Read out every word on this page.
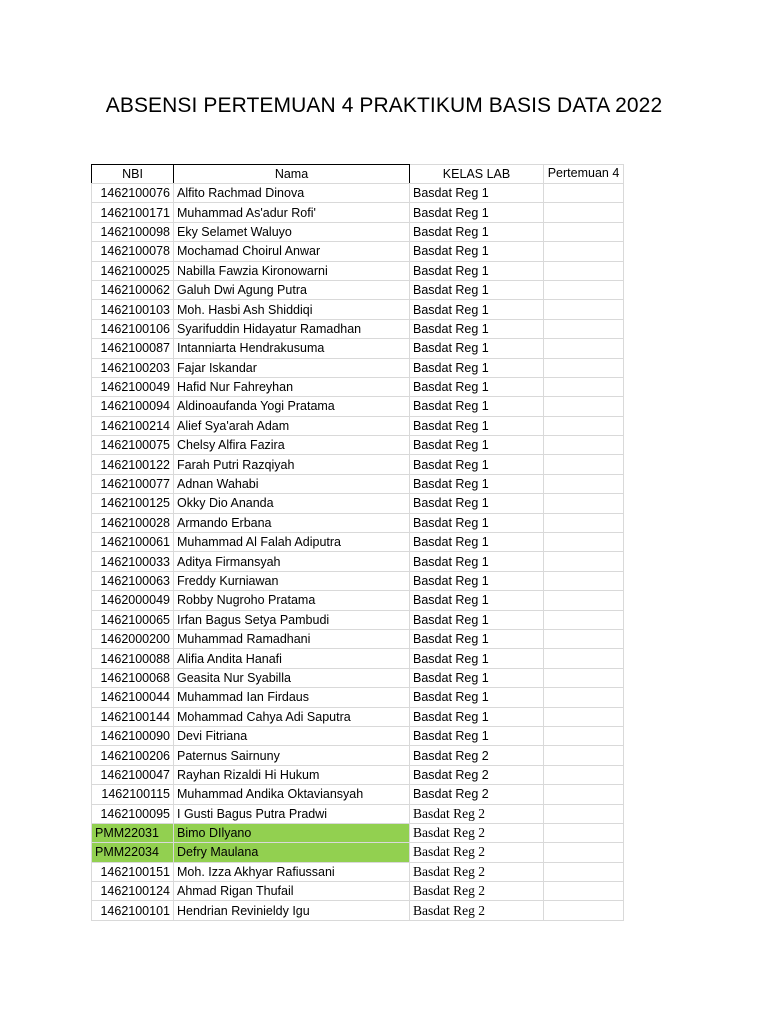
ABSENSI PERTEMUAN 4 PRAKTIKUM BASIS DATA 2022
NBI	Nama	KELAS LAB	Pertemuan 4
1462100076	Alfito Rachmad Dinova	Basdat Reg 1	
1462100171	Muhammad As'adur Rofi'	Basdat Reg 1	
1462100098	Eky Selamet Waluyo	Basdat Reg 1	
1462100078	Mochamad Choirul Anwar	Basdat Reg 1	
1462100025	Nabilla Fawzia Kironowarni	Basdat Reg 1	
1462100062	Galuh Dwi Agung Putra	Basdat Reg 1	
1462100103	Moh. Hasbi Ash Shiddiqi	Basdat Reg 1	
1462100106	Syarifuddin Hidayatur Ramadhan	Basdat Reg 1	
1462100087	Intanniarta Hendrakusuma	Basdat Reg 1	
1462100203	Fajar Iskandar	Basdat Reg 1	
1462100049	Hafid Nur Fahreyhan	Basdat Reg 1	
1462100094	Aldinoaufanda Yogi Pratama	Basdat Reg 1	
1462100214	Alief Sya'arah Adam	Basdat Reg 1	
1462100075	Chelsy Alfira Fazira	Basdat Reg 1	
1462100122	Farah Putri Razqiyah	Basdat Reg 1	
1462100077	Adnan Wahabi	Basdat Reg 1	
1462100125	Okky Dio Ananda	Basdat Reg 1	
1462100028	Armando Erbana	Basdat Reg 1	
1462100061	Muhammad Al Falah Adiputra	Basdat Reg 1	
1462100033	Aditya Firmansyah	Basdat Reg 1	
1462100063	Freddy Kurniawan	Basdat Reg 1	
1462000049	Robby Nugroho Pratama	Basdat Reg 1	
1462100065	Irfan Bagus Setya Pambudi	Basdat Reg 1	
1462000200	Muhammad Ramadhani	Basdat Reg 1	
1462100088	Alifia Andita Hanafi	Basdat Reg 1	
1462100068	Geasita Nur Syabilla	Basdat Reg 1	
1462100044	Muhammad Ian Firdaus	Basdat Reg 1	
1462100144	Mohammad Cahya Adi Saputra	Basdat Reg 1	
1462100090	Devi Fitriana	Basdat Reg 1	
1462100206	Paternus Sairnuny	Basdat Reg 2	
1462100047	Rayhan Rizaldi Hi Hukum	Basdat Reg 2	
1462100115	Muhammad Andika Oktaviansyah	Basdat Reg 2	
1462100095	I Gusti Bagus Putra Pradwi	Basdat Reg 2	
PMM22031	Bimo DIlyano	Basdat Reg 2	
PMM22034	Defry Maulana	Basdat Reg 2	
1462100151	Moh. Izza Akhyar Rafiussani	Basdat Reg 2	
1462100124	Ahmad Rigan Thufail	Basdat Reg 2	
1462100101	Hendrian Revinieldy Igu	Basdat Reg 2	
